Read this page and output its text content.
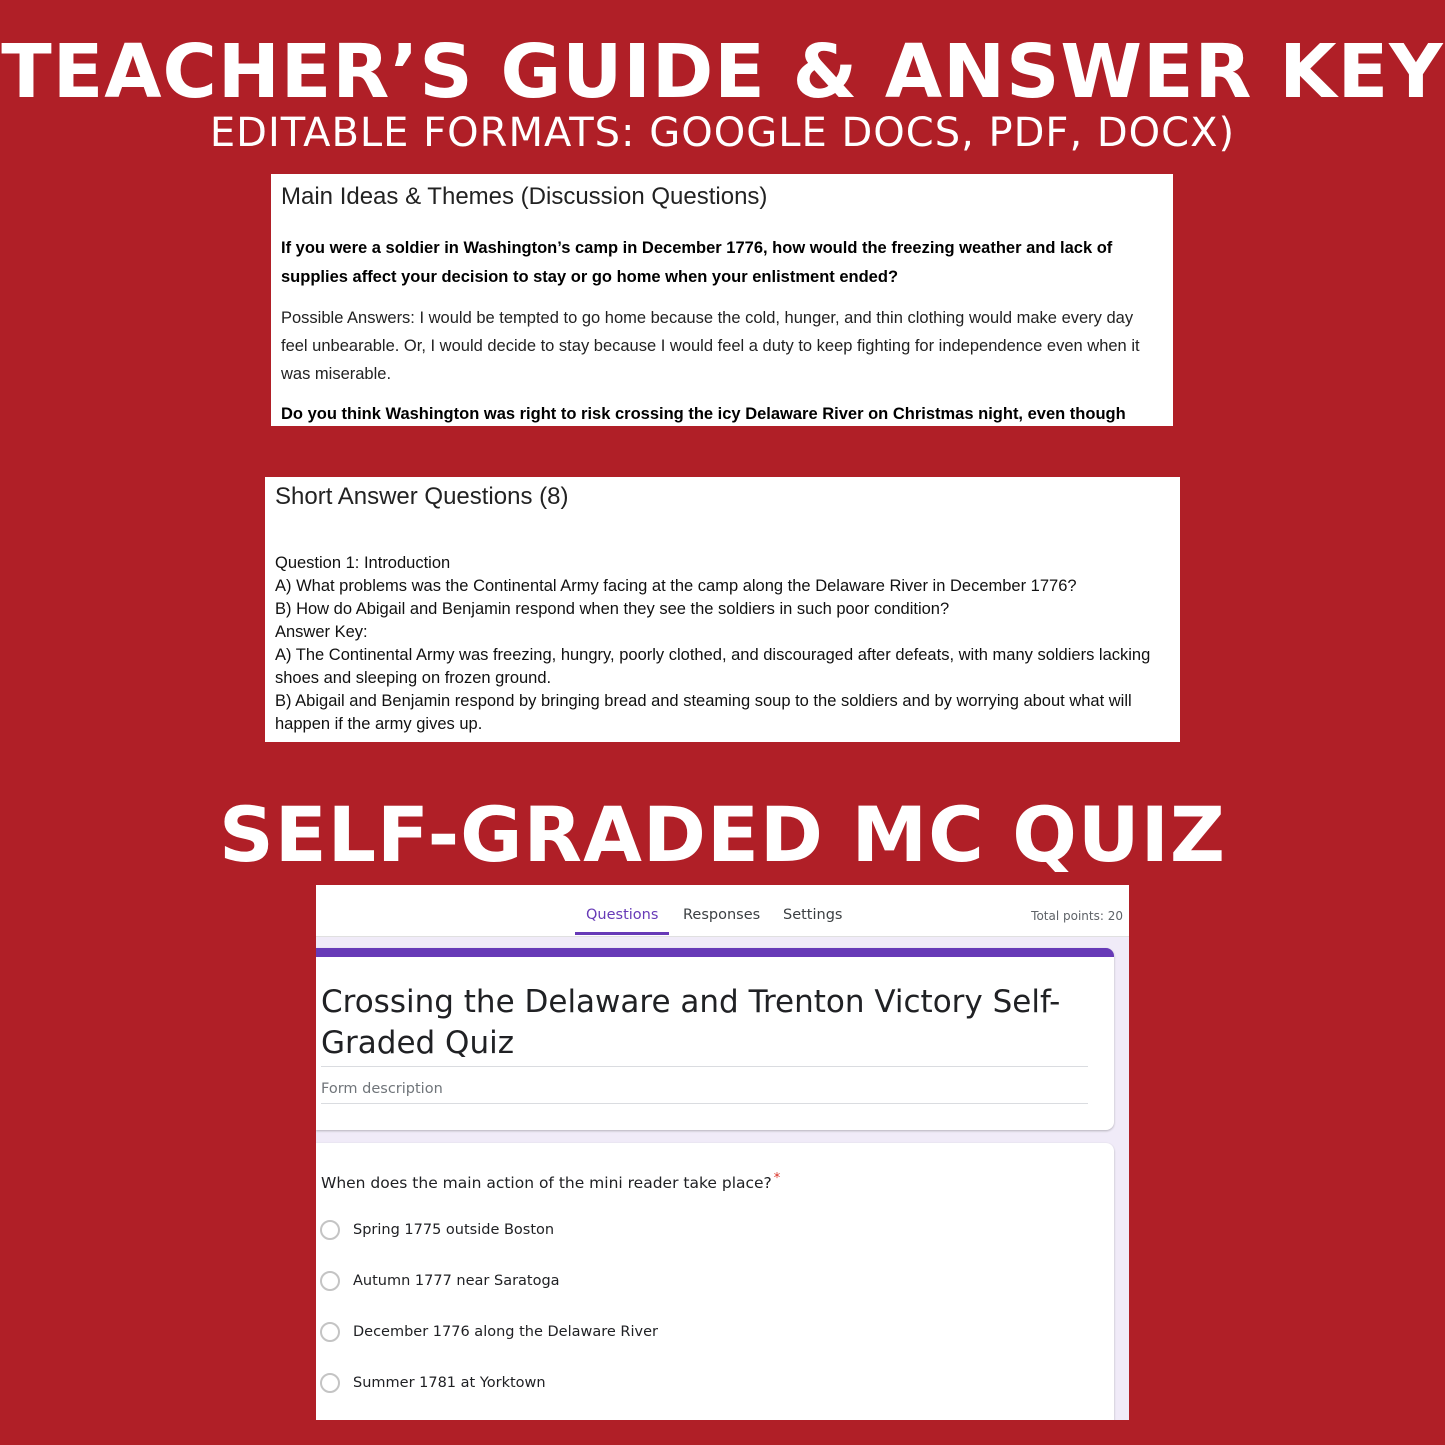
TEACHER’S GUIDE & ANSWER KEY
EDITABLE FORMATS: GOOGLE DOCS, PDF, DOCX)
Main Ideas & Themes (Discussion Questions)
If you were a soldier in Washington’s camp in December 1776, how would the freezing weather and lack of supplies affect your decision to stay or go home when your enlistment ended?
Possible Answers: I would be tempted to go home because the cold, hunger, and thin clothing would make every day feel unbearable. Or, I would decide to stay because I would feel a duty to keep fighting for independence even when it was miserable.
Do you think Washington was right to risk crossing the icy Delaware River on Christmas night, even though
Short Answer Questions (8)
Question 1: Introduction
A) What problems was the Continental Army facing at the camp along the Delaware River in December 1776?
B) How do Abigail and Benjamin respond when they see the soldiers in such poor condition?
Answer Key:
A) The Continental Army was freezing, hungry, poorly clothed, and discouraged after defeats, with many soldiers lacking shoes and sleeping on frozen ground.
B) Abigail and Benjamin respond by bringing bread and steaming soup to the soldiers and by worrying about what will happen if the army gives up.
SELF-GRADED MC QUIZ
Questions Responses Settings	Total points: 20
Crossing the Delaware and Trenton Victory Self-Graded Quiz
Form description
When does the main action of the mini reader take place? *
Spring 1775 outside Boston
Autumn 1777 near Saratoga
December 1776 along the Delaware River
Summer 1781 at Yorktown
